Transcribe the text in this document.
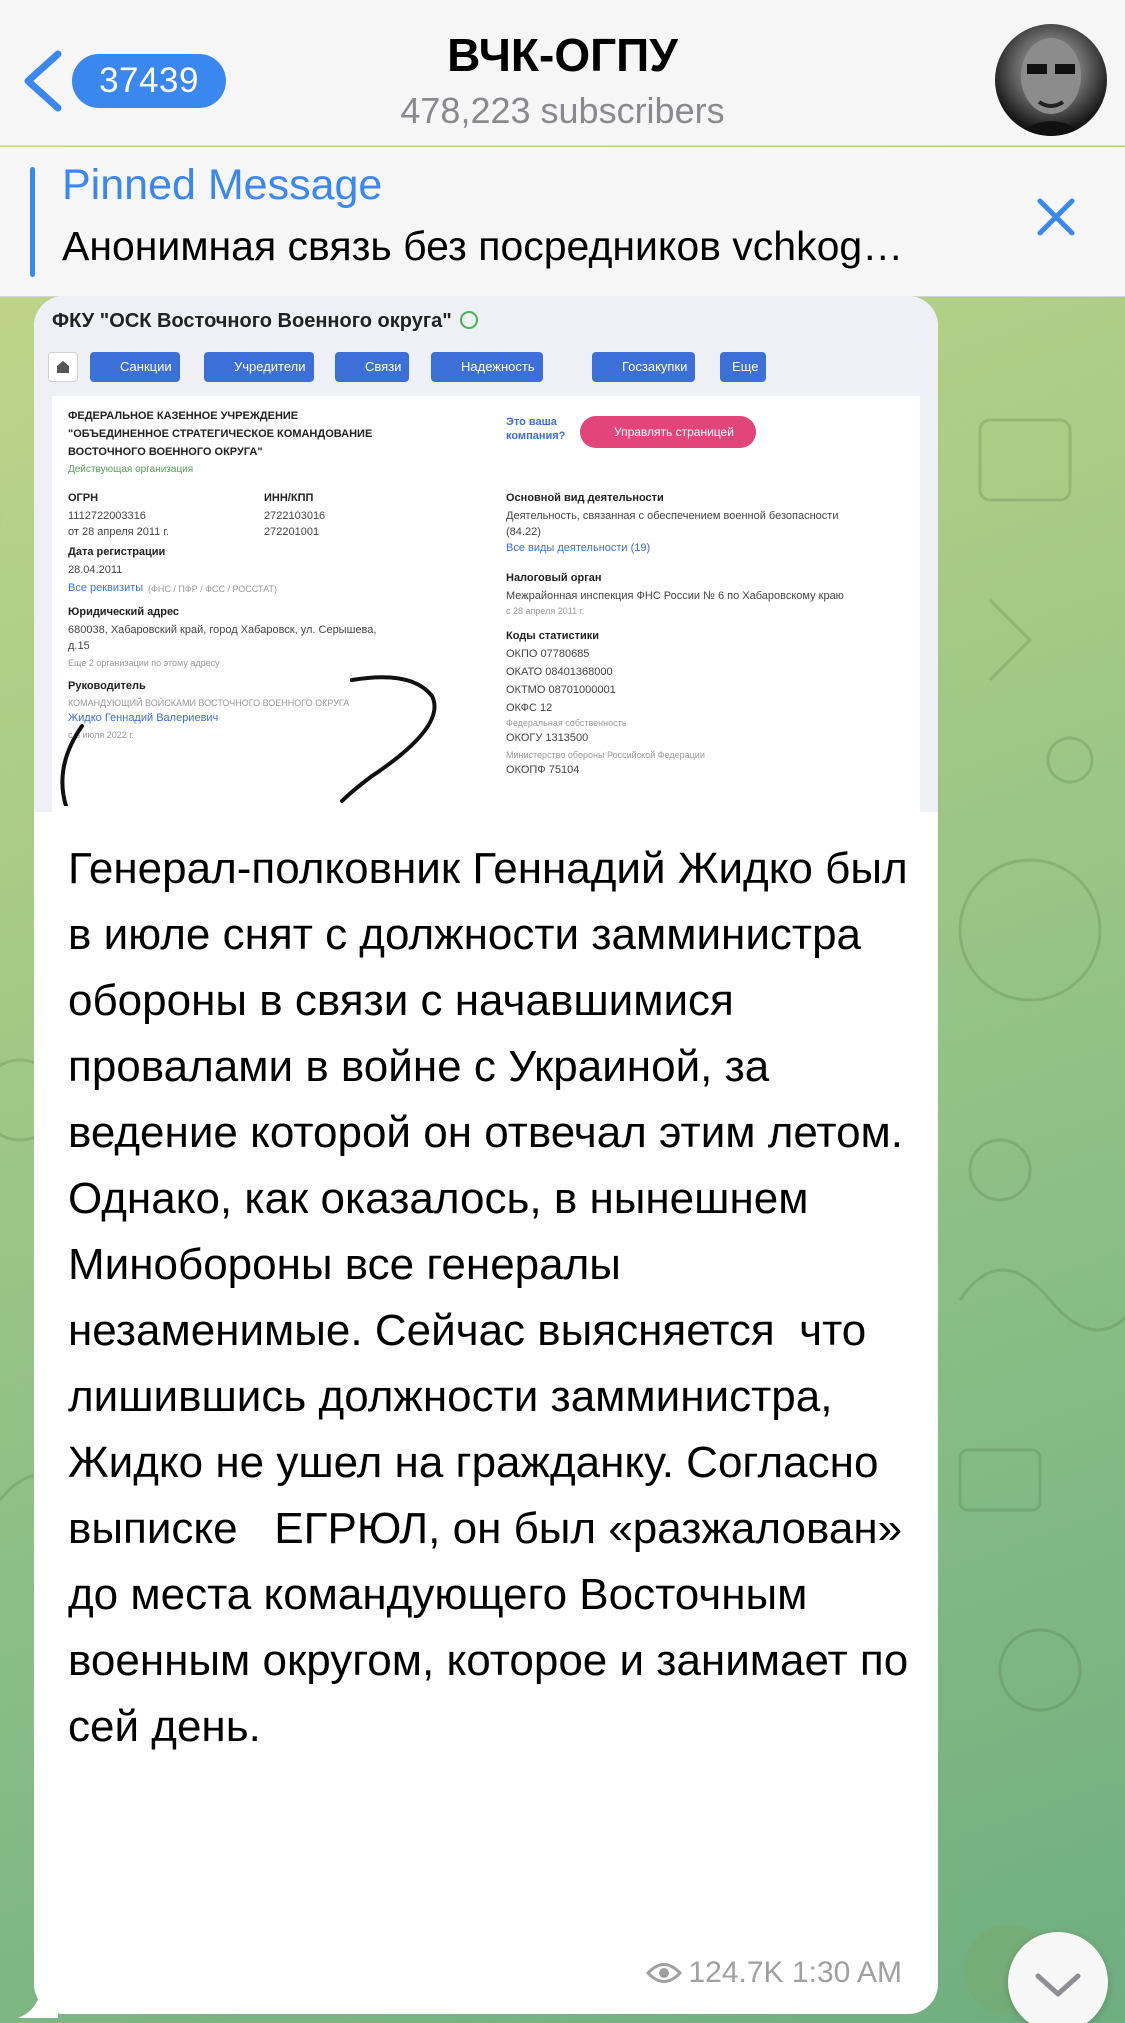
37439	ВЧК-ОГПУ
478,223 subscribers
Pinned Message
Анонимная связь без посредников vchkog…
ФКУ "ОСК Восточного Военного округа"
Санкции	Учредители	Связи	Надежность	Госзакупки	Еще
ФЕДЕРАЛЬНОЕ КАЗЕННОЕ УЧРЕЖДЕНИЕ
"ОБЪЕДИНЕННОЕ СТРАТЕГИЧЕСКОЕ КОМАНДОВАНИЕ
ВОСТОЧНОГО ВОЕННОГО ОКРУГА"
Действующая организация
Это ваша
компания?	Управлять страницей
ОГРН
1112722003316
от 28 апреля 2011 г.
ИНН/КПП
2722103016
272201001
Дата регистрации
28.04.2011
Все реквизиты (ФНС / ПФР / ФСС / РОССТАТ)
Юридический адрес
680038, Хабаровский край, город Хабаровск, ул. Серышева,
д.15
Еще 2 организации по этому адресу
Руководитель
КОМАНДУЮЩИЙ ВОЙСКАМИ ВОСТОЧНОГО ВОЕННОГО ОКРУГА
Жидко Геннадий Валериевич
с 6 июля 2022 г.
Основной вид деятельности
Деятельность, связанная с обеспечением военной безопасности
(84.22)
Все виды деятельности (19)
Налоговый орган
Межрайонная инспекция ФНС России № 6 по Хабаровскому краю
с 28 апреля 2011 г.
Коды статистики
ОКПО 07780685
ОКАТО 08401368000
ОКТМО 08701000001
ОКФС 12
Федеральная собственность
ОКОГУ 1313500
Министерство обороны Российской Федерации
ОКОПФ 75104
Генерал-полковник Геннадий Жидко был в июле снят с должности замминистра обороны в связи с начавшимися провалами в войне с Украиной, за ведение которой он отвечал этим летом. Однако, как оказалось, в нынешнем Минобороны все генералы незаменимые. Сейчас выясняется  что лишившись должности замминистра, Жидко не ушел на гражданку. Согласно выписке   ЕГРЮЛ, он был «разжалован» до места командующего Восточным военным округом, которое и занимает по сей день.
124.7K 1:30 AM
